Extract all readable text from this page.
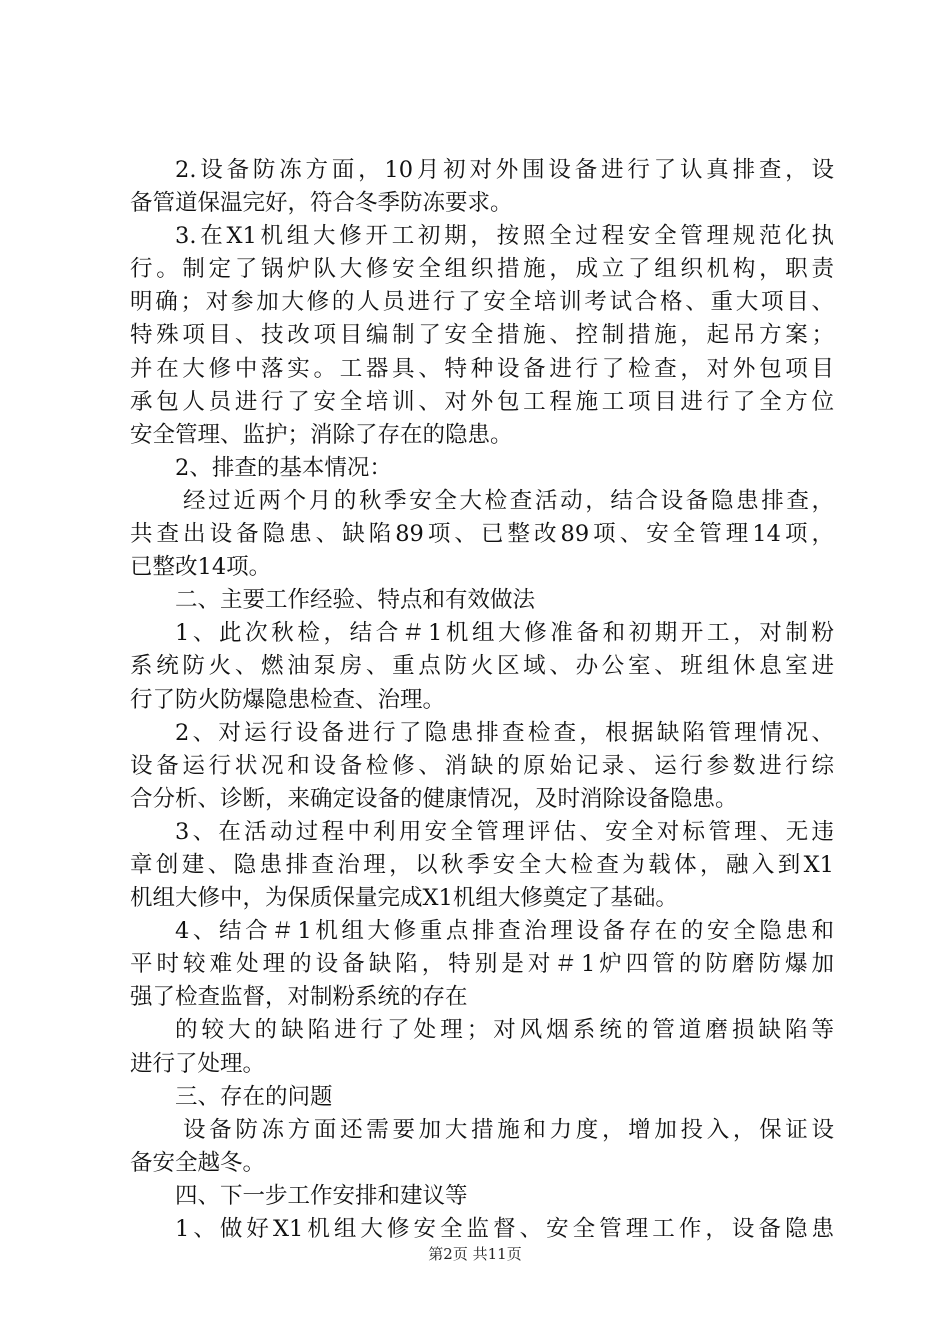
2.设备防冻方面，10月初对外围设备进行了认真排查，设
备管道保温完好，符合冬季防冻要求。
3.在X1机组大修开工初期，按照全过程安全管理规范化执
行。制定了锅炉队大修安全组织措施，成立了组织机构，职责
明确；对参加大修的人员进行了安全培训考试合格、重大项目、
特殊项目、技改项目编制了安全措施、控制措施，起吊方案；
并在大修中落实。工器具、特种设备进行了检查，对外包项目
承包人员进行了安全培训、对外包工程施工项目进行了全方位
安全管理、监护；消除了存在的隐患。
2、排查的基本情况：
经过近两个月的秋季安全大检查活动，结合设备隐患排查，
共查出设备隐患、缺陷89项、已整改89项、安全管理14项，
已整改14项。
二、主要工作经验、特点和有效做法
1、此次秋检，结合＃1机组大修准备和初期开工，对制粉
系统防火、燃油泵房、重点防火区域、办公室、班组休息室进
行了防火防爆隐患检查、治理。
2、对运行设备进行了隐患排查检查，根据缺陷管理情况、
设备运行状况和设备检修、消缺的原始记录、运行参数进行综
合分析、诊断，来确定设备的健康情况，及时消除设备隐患。
3、在活动过程中利用安全管理评估、安全对标管理、无违
章创建、隐患排查治理，以秋季安全大检查为载体，融入到X1
机组大修中，为保质保量完成X1机组大修奠定了基础。
4、结合＃1机组大修重点排查治理设备存在的安全隐患和
平时较难处理的设备缺陷，特别是对＃1炉四管的防磨防爆加
强了检查监督，对制粉系统的存在
的较大的缺陷进行了处理；对风烟系统的管道磨损缺陷等
进行了处理。
三、存在的问题
设备防冻方面还需要加大措施和力度，增加投入，保证设
备安全越冬。
四、下一步工作安排和建议等
1、做好X1机组大修安全监督、安全管理工作，设备隐患
第2页 共11页
